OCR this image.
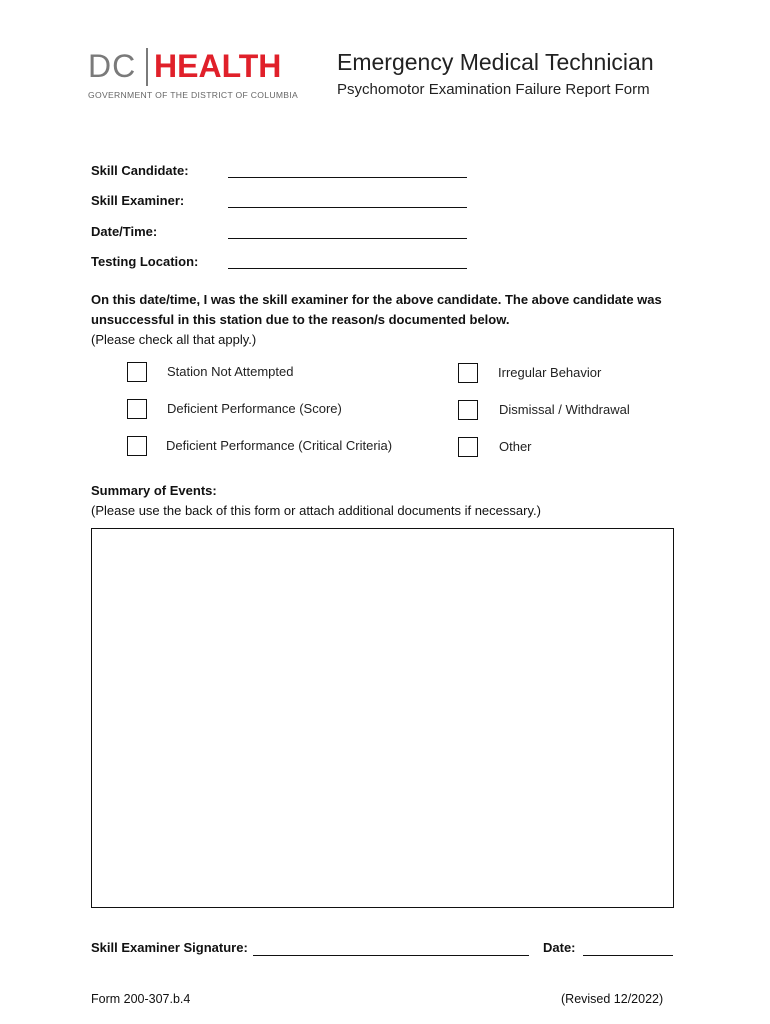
DC HEALTH
GOVERNMENT OF THE DISTRICT OF COLUMBIA
Emergency Medical Technician
Psychomotor Examination Failure Report Form
Skill Candidate:
Skill Examiner:
Date/Time:
Testing Location:
On this date/time, I was the skill examiner for the above candidate. The above candidate was unsuccessful in this station due to the reason/s documented below.
(Please check all that apply.)
Station Not Attempted
Deficient Performance (Score)
Deficient Performance (Critical Criteria)
Irregular Behavior
Dismissal / Withdrawal
Other
Summary of Events:
(Please use the back of this form or attach additional documents if necessary.)
Skill Examiner Signature:	Date:
Form 200-307.b.4	(Revised 12/2022)
